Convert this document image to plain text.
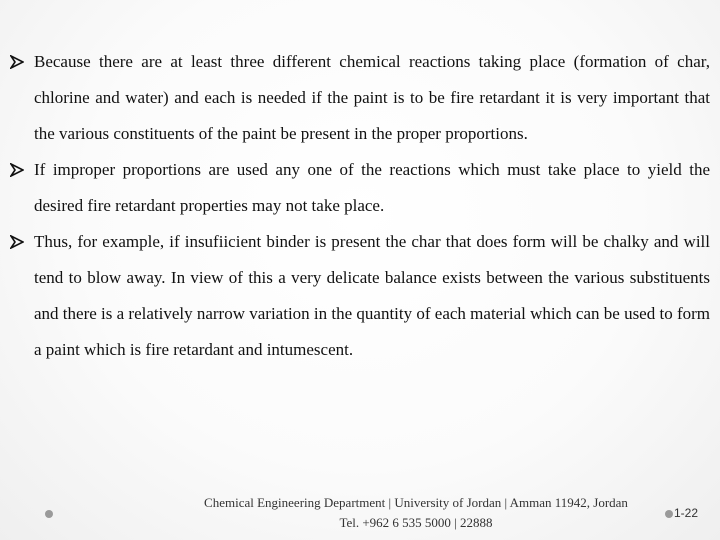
Because there are at least three different chemical reactions taking place (formation of char, chlorine and water) and each is needed if the paint is to be fire retardant it is very important that the various constituents of the paint be present in the proper proportions.
If improper proportions are used any one of the reactions which must take place to yield the desired fire retardant properties may not take place.
Thus, for example, if insufiicient binder is present the char that does form will be chalky and will tend to blow away. In view of this a very delicate balance exists between the various substituents and there is a relatively narrow variation in the quantity of each material which can be used to form a paint which is fire retardant and intumescent.
Chemical Engineering Department | University of Jordan | Amman 11942, Jordan
Tel. +962 6 535 5000 | 22888
1-22
